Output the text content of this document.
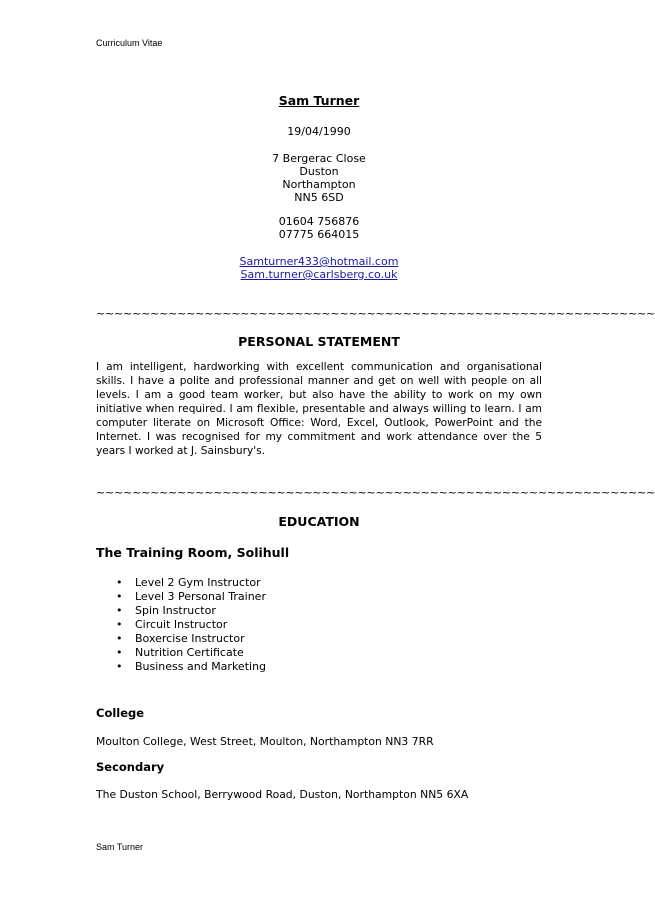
Curriculum Vitae
Sam Turner
19/04/1990
7 Bergerac Close
Duston
Northampton
NN5 6SD
01604 756876
07775 664015
Samturner433@hotmail.com
Sam.turner@carlsberg.co.uk
~~~~~~~~~~~~~~~~~~~~~~~~~~~~~~~~~~~~~~~~~~~~~~~~~~~~~~~~~~~~~~
PERSONAL STATEMENT
I am intelligent, hardworking with excellent communication and organisational skills. I have a polite and professional manner and get on well with people on all levels. I am a good team worker, but also have the ability to work on my own initiative when required. I am flexible, presentable and always willing to learn. I am computer literate on Microsoft Office: Word, Excel, Outlook, PowerPoint and the Internet. I was recognised for my commitment and work attendance over the 5 years I worked at J. Sainsbury's.
~~~~~~~~~~~~~~~~~~~~~~~~~~~~~~~~~~~~~~~~~~~~~~~~~~~~~~~~~~~~~~
EDUCATION
The Training Room, Solihull
• Level 2 Gym Instructor
• Level 3 Personal Trainer
• Spin Instructor
• Circuit Instructor
• Boxercise Instructor
• Nutrition Certificate
• Business and Marketing
College
Moulton College, West Street, Moulton, Northampton NN3 7RR
Secondary
The Duston School, Berrywood Road, Duston, Northampton NN5 6XA
Sam Turner
